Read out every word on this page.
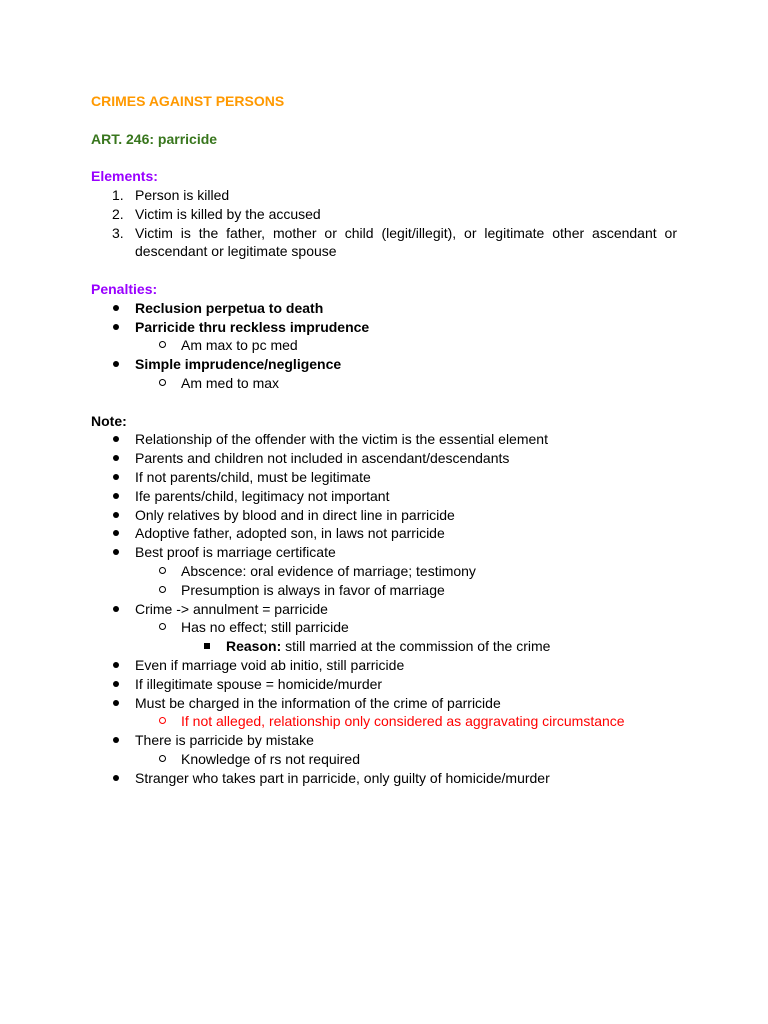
CRIMES AGAINST PERSONS
ART. 246: parricide
Elements:
1. Person is killed
2. Victim is killed by the accused
3. Victim is the father, mother or child (legit/illegit), or legitimate other ascendant or descendant or legitimate spouse
Penalties:
Reclusion perpetua to death
Parricide thru reckless imprudence
Am max to pc med
Simple imprudence/negligence
Am med to max
Note:
Relationship of the offender with the victim is the essential element
Parents and children not included in ascendant/descendants
If not parents/child, must be legitimate
Ife parents/child, legitimacy not important
Only relatives by blood and in direct line in parricide
Adoptive father, adopted son, in laws not parricide
Best proof is marriage certificate
Abscence: oral evidence of marriage; testimony
Presumption is always in favor of marriage
Crime -> annulment = parricide
Has no effect; still parricide
Reason: still married at the commission of the crime
Even if marriage void ab initio, still parricide
If illegitimate spouse = homicide/murder
Must be charged in the information of the crime of parricide
If not alleged, relationship only considered as aggravating circumstance
There is parricide by mistake
Knowledge of rs not required
Stranger who takes part in parricide, only guilty of homicide/murder
